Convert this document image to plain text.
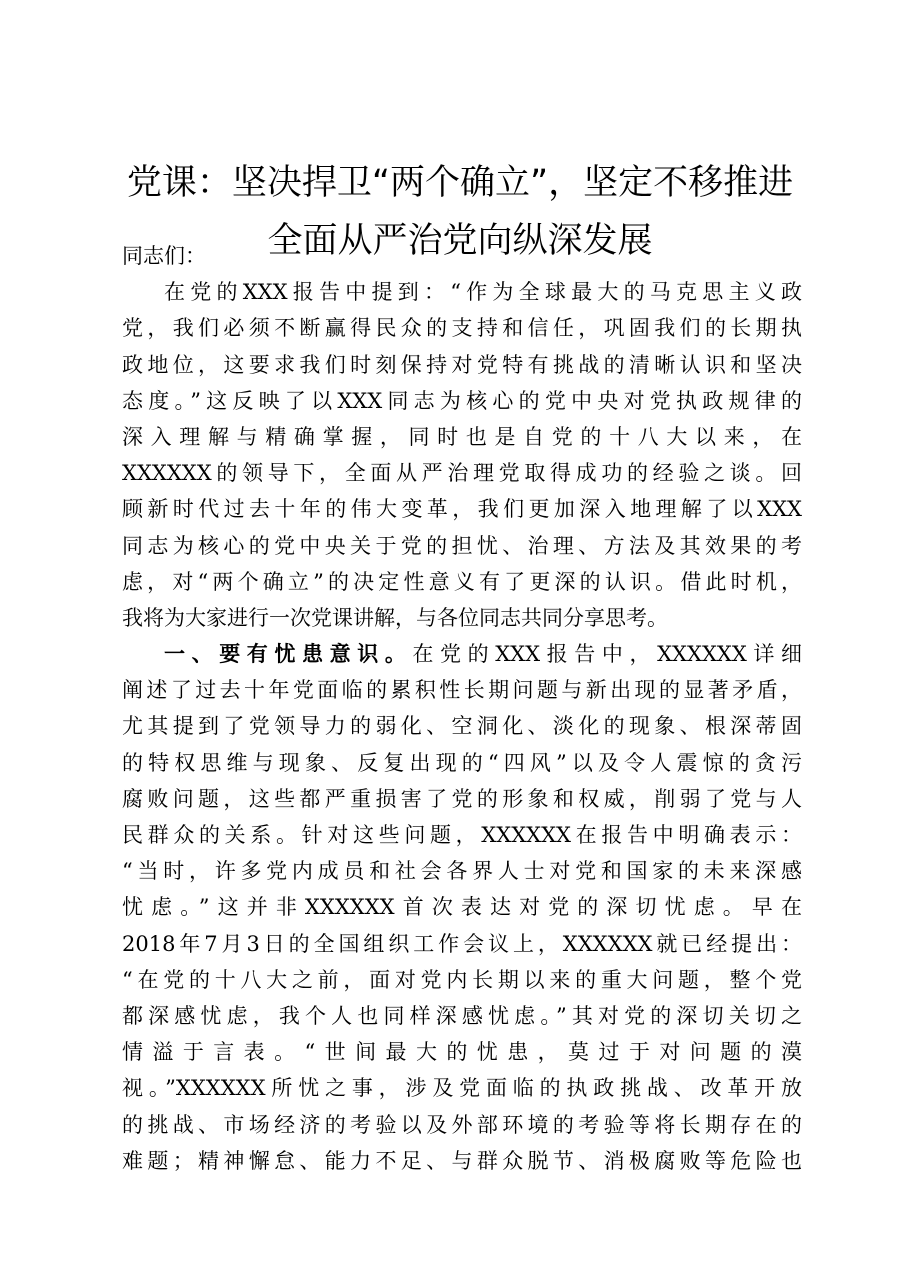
党课：坚决捍卫“两个确立”，坚定不移推进
全面从严治党向纵深发展
同志们：
在党的XXX报告中提到：“作为全球最大的马克思主义政
党，我们必须不断赢得民众的支持和信任，巩固我们的长期执
政地位，这要求我们时刻保持对党特有挑战的清晰认识和坚决
态度。”这反映了以XXX同志为核心的党中央对党执政规律的
深入理解与精确掌握，同时也是自党的十八大以来，在
XXXXXX的领导下，全面从严治理党取得成功的经验之谈。回
顾新时代过去十年的伟大变革，我们更加深入地理解了以XXX
同志为核心的党中央关于党的担忧、治理、方法及其效果的考
虑，对“两个确立”的决定性意义有了更深的认识。借此时机，
我将为大家进行一次党课讲解，与各位同志共同分享思考。
一、要有忧患意识。在党的XXX报告中，XXXXXX详细
阐述了过去十年党面临的累积性长期问题与新出现的显著矛盾，
尤其提到了党领导力的弱化、空洞化、淡化的现象、根深蒂固
的特权思维与现象、反复出现的“四风”以及令人震惊的贪污
腐败问题，这些都严重损害了党的形象和权威，削弱了党与人
民群众的关系。针对这些问题，XXXXXX在报告中明确表示：
“当时，许多党内成员和社会各界人士对党和国家的未来深感
忧虑。”这并非XXXXXX首次表达对党的深切忧虑。早在
2018年7月3日的全国组织工作会议上，XXXXXX就已经提出：
“在党的十八大之前，面对党内长期以来的重大问题，整个党
都深感忧虑，我个人也同样深感忧虑。”其对党的深切关切之
情溢于言表。“世间最大的忧患，莫过于对问题的漠
视。”XXXXXX所忧之事，涉及党面临的执政挑战、改革开放
的挑战、市场经济的考验以及外部环境的考验等将长期存在的
难题；精神懈怠、能力不足、与群众脱节、消极腐败等危险也
